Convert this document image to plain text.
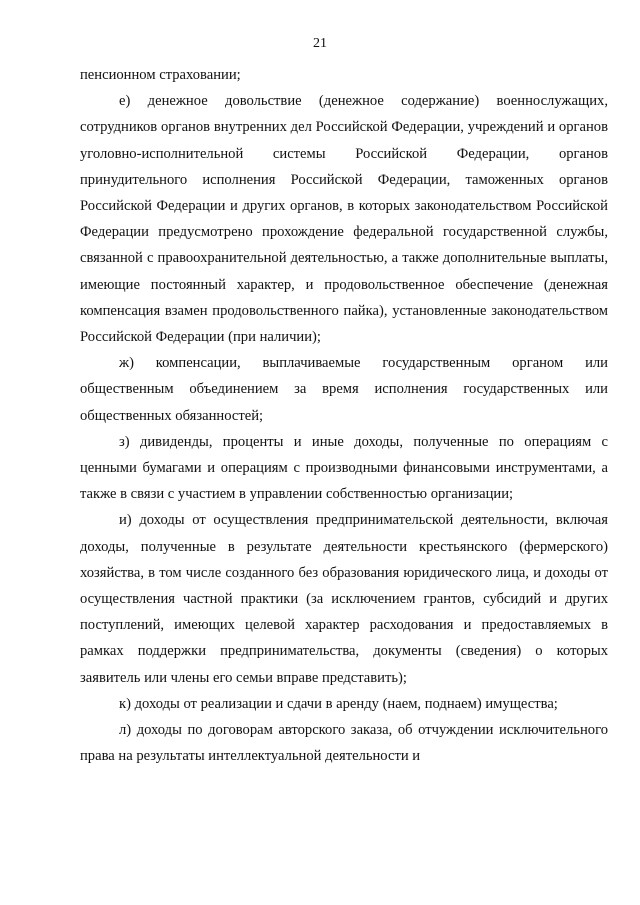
21

пенсионном страховании;

е) денежное довольствие (денежное содержание) военнослужащих, сотрудников органов внутренних дел Российской Федерации, учреждений и органов уголовно-исполнительной системы Российской Федерации, органов принудительного исполнения Российской Федерации, таможенных органов Российской Федерации и других органов, в которых законодательством Российской Федерации предусмотрено прохождение федеральной государственной службы, связанной с правоохранительной деятельностью, а также дополнительные выплаты, имеющие постоянный характер, и продовольственное обеспечение (денежная компенсация взамен продовольственного пайка), установленные законодательством Российской Федерации (при наличии);

ж) компенсации, выплачиваемые государственным органом или общественным объединением за время исполнения государственных или общественных обязанностей;

з) дивиденды, проценты и иные доходы, полученные по операциям с ценными бумагами и операциям с производными финансовыми инструментами, а также в связи с участием в управлении собственностью организации;

и) доходы от осуществления предпринимательской деятельности, включая доходы, полученные в результате деятельности крестьянского (фермерского) хозяйства, в том числе созданного без образования юридического лица, и доходы от осуществления частной практики (за исключением грантов, субсидий и других поступлений, имеющих целевой характер расходования и предоставляемых в рамках поддержки предпринимательства, документы (сведения) о которых заявитель или члены его семьи вправе представить);

к) доходы от реализации и сдачи в аренду (наем, поднаем) имущества;

л) доходы по договорам авторского заказа, об отчуждении исключительного права на результаты интеллектуальной деятельности и
